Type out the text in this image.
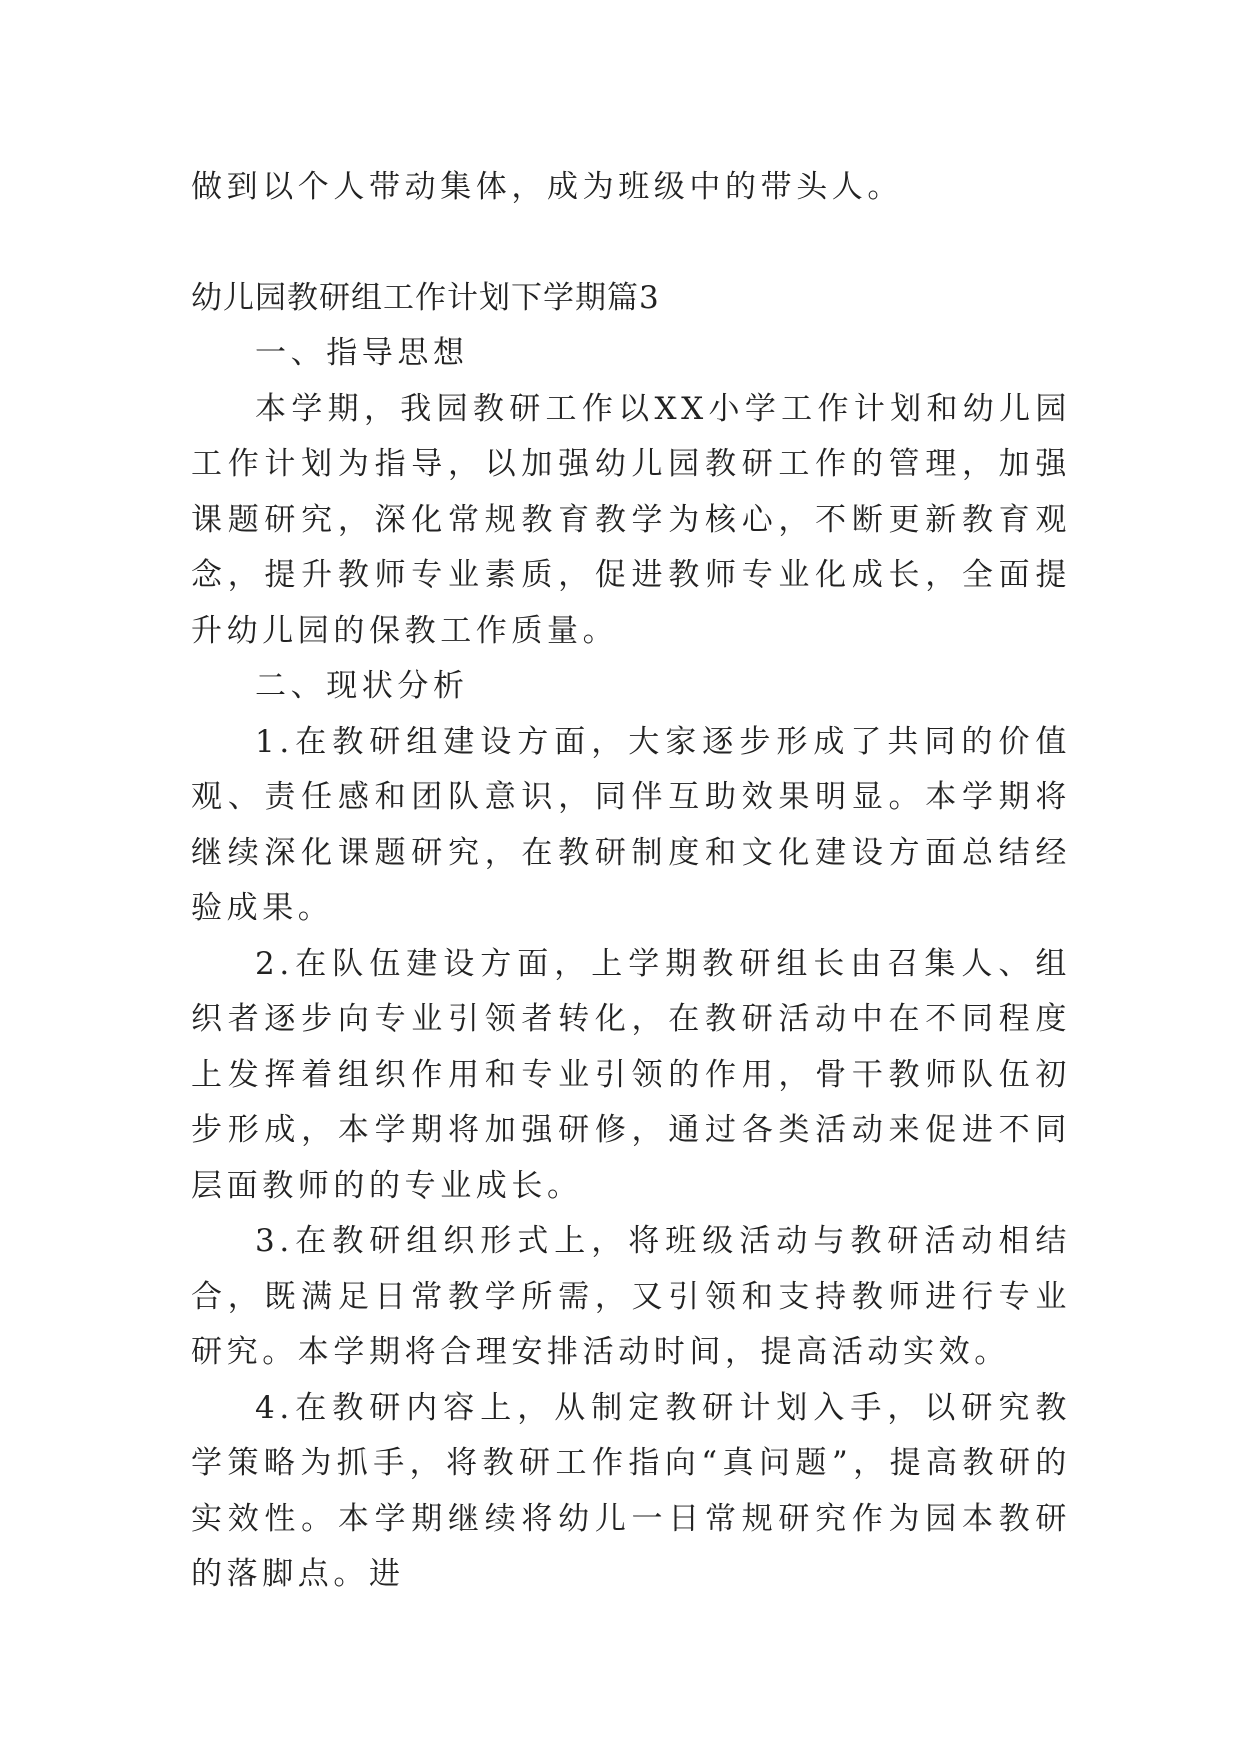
做到以个人带动集体，成为班级中的带头人。

幼儿园教研组工作计划下学期篇3

一、指导思想

本学期，我园教研工作以XX小学工作计划和幼儿园工作计划为指导，以加强幼儿园教研工作的管理，加强课题研究，深化常规教育教学为核心，不断更新教育观念，提升教师专业素质，促进教师专业化成长，全面提升幼儿园的保教工作质量。

二、现状分析

1.在教研组建设方面，大家逐步形成了共同的价值观、责任感和团队意识，同伴互助效果明显。本学期将继续深化课题研究，在教研制度和文化建设方面总结经验成果。

2.在队伍建设方面，上学期教研组长由召集人、组织者逐步向专业引领者转化，在教研活动中在不同程度上发挥着组织作用和专业引领的作用，骨干教师队伍初步形成，本学期将加强研修，通过各类活动来促进不同层面教师的的专业成长。

3.在教研组织形式上，将班级活动与教研活动相结合，既满足日常教学所需，又引领和支持教师进行专业研究。本学期将合理安排活动时间，提高活动实效。

4.在教研内容上，从制定教研计划入手，以研究教学策略为抓手，将教研工作指向“真问题”，提高教研的实效性。本学期继续将幼儿一日常规研究作为园本教研的落脚点。进
